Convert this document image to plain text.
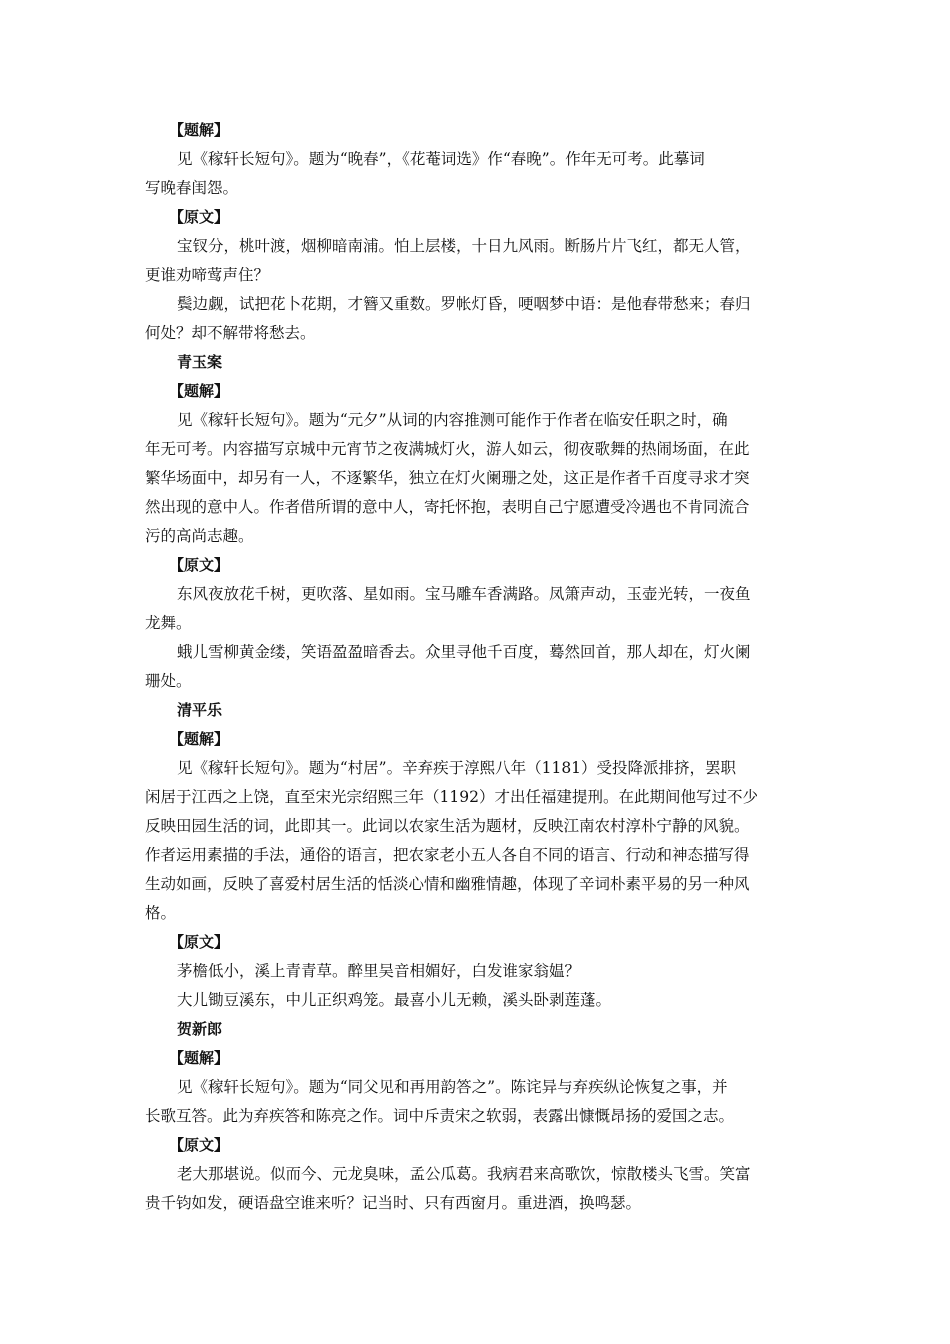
【题解】
见《稼轩长短句》。题为“晚春”，《花菴词选》作“春晚”。作年无可考。此摹词
写晚春闺怨。
【原文】
宝钗分，桃叶渡，烟柳暗南浦。怕上层楼，十日九风雨。断肠片片飞红，都无人管，
更谁劝啼莺声住？
鬓边觑，试把花卜花期，才簪又重数。罗帐灯昏，哽咽梦中语：是他春带愁来；春归
何处？却不解带将愁去。
青玉案
【题解】
见《稼轩长短句》。题为“元夕”从词的内容推测可能作于作者在临安任职之时，确
年无可考。内容描写京城中元宵节之夜满城灯火，游人如云，彻夜歌舞的热闹场面，在此
繁华场面中，却另有一人，不逐繁华，独立在灯火阑珊之处，这正是作者千百度寻求才突
然出现的意中人。作者借所谓的意中人，寄托怀抱，表明自己宁愿遭受冷遇也不肯同流合
污的高尚志趣。
【原文】
东风夜放花千树，更吹落、星如雨。宝马雕车香满路。凤箫声动，玉壶光转，一夜鱼
龙舞。
蛾儿雪柳黄金缕，笑语盈盈暗香去。众里寻他千百度，蓦然回首，那人却在，灯火阑
珊处。
清平乐
【题解】
见《稼轩长短句》。题为“村居”。辛弃疾于淳熙八年（1181）受投降派排挤，罢职
闲居于江西之上饶，直至宋光宗绍熙三年（1192）才出任福建提刑。在此期间他写过不少
反映田园生活的词，此即其一。此词以农家生活为题材，反映江南农村淳朴宁静的风貌。
作者运用素描的手法，通俗的语言，把农家老小五人各自不同的语言、行动和神态描写得
生动如画，反映了喜爱村居生活的恬淡心情和幽雅情趣，体现了辛词朴素平易的另一种风
格。
【原文】
茅檐低小，溪上青青草。醉里吴音相媚好，白发谁家翁媪？
大儿锄豆溪东，中儿正织鸡笼。最喜小儿无赖，溪头卧剥莲蓬。
贺新郎
【题解】
见《稼轩长短句》。题为“同父见和再用韵答之”。陈诧异与弃疾纵论恢复之事，并
长歌互答。此为弃疾答和陈亮之作。词中斥责宋之软弱，表露出慷慨昂扬的爱国之志。
【原文】
老大那堪说。似而今、元龙臭味，孟公瓜葛。我病君来高歌饮，惊散楼头飞雪。笑富
贵千钧如发，硬语盘空谁来听？记当时、只有西窗月。重进酒，换鸣瑟。
